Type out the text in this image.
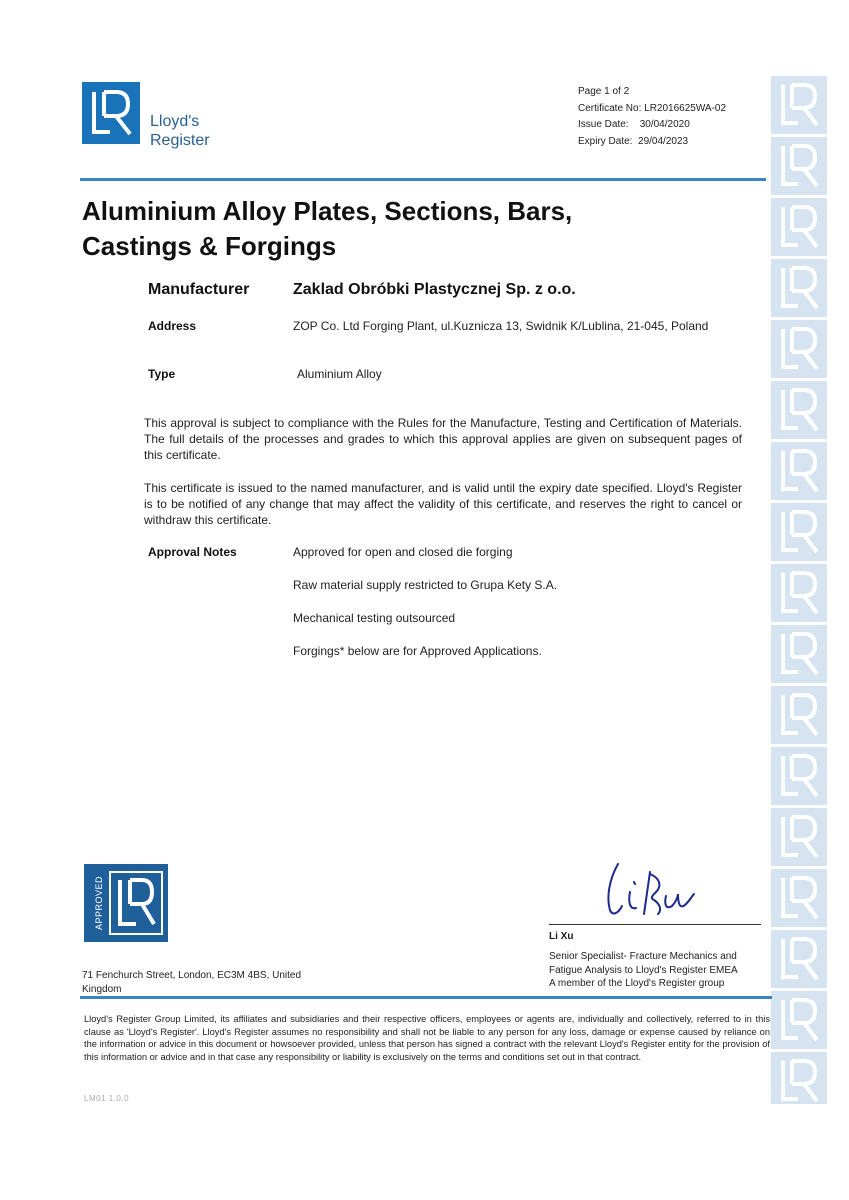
Lloyd's
Register
Page 1 of 2
Certificate No: LR2016625WA-02
Issue Date: 30/04/2020
Expiry Date: 29/04/2023
Aluminium Alloy Plates, Sections, Bars,
Castings & Forgings
Manufacturer	Zaklad Obróbki Plastycznej Sp. z o.o.
Address	ZOP Co. Ltd Forging Plant, ul.Kuznicza 13, Swidnik K/Lublina, 21-045, Poland
Type	Aluminium Alloy
This approval is subject to compliance with the Rules for the Manufacture, Testing and Certification of Materials. The full details of the processes and grades to which this approval applies are given on subsequent pages of this certificate.
This certificate is issued to the named manufacturer, and is valid until the expiry date specified. Lloyd's Register is to be notified of any change that may affect the validity of this certificate, and reserves the right to cancel or withdraw this certificate.
Approval Notes	Approved for open and closed die forging
Raw material supply restricted to Grupa Kety S.A.
Mechanical testing outsourced
Forgings* below are for Approved Applications.
APPROVED
Li Xu
Senior Specialist- Fracture Mechanics and
Fatigue Analysis to Lloyd's Register EMEA
A member of the Lloyd's Register group
71 Fenchurch Street, London, EC3M 4BS, United
Kingdom
Lloyd's Register Group Limited, its affiliates and subsidiaries and their respective officers, employees or agents are, individually and collectively, referred to in this clause as 'Lloyd's Register'. Lloyd's Register assumes no responsibility and shall not be liable to any person for any loss, damage or expense caused by reliance on the information or advice in this document or howsoever provided, unless that person has signed a contract with the relevant Lloyd's Register entity for the provision of this information or advice and in that case any responsibility or liability is exclusively on the terms and conditions set out in that contract.
LM01 1.0.0
